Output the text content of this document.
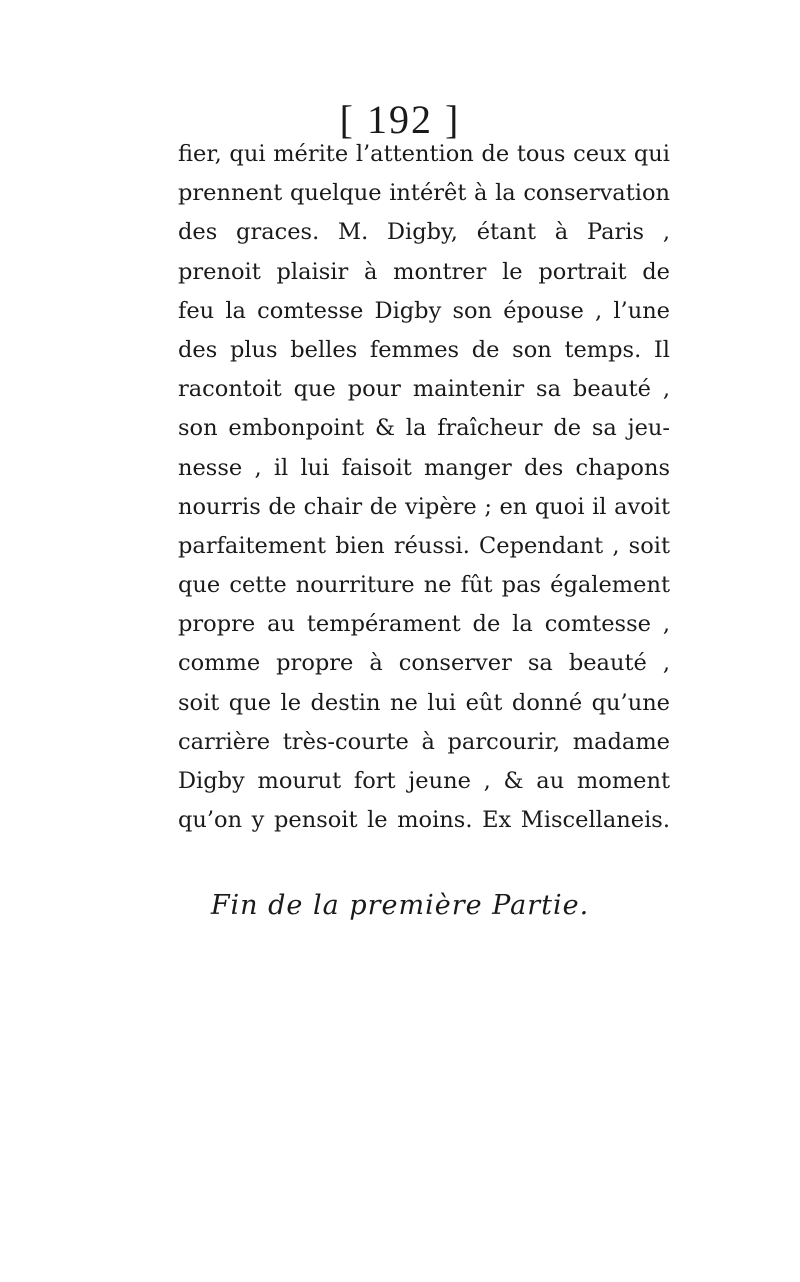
[ 192 ]
fier, qui mérite l’attention de tous ceux qui
prennent quelque intérêt à la conservation
des graces. M. Digby, étant à Paris ,
prenoit plaisir à montrer le portrait de
feu la comtesse Digby son épouse , l’une
des plus belles femmes de son temps. Il
racontoit que pour maintenir sa beauté ,
son embonpoint & la fraîcheur de sa jeu-
nesse , il lui faisoit manger des chapons
nourris de chair de vipère ; en quoi il avoit
parfaitement bien réussi. Cependant , soit
que cette nourriture ne fût pas également
propre au tempérament de la comtesse ,
comme propre à conserver sa beauté ,
soit que le destin ne lui eût donné qu’une
carrière très-courte à parcourir, madame
Digby mourut fort jeune , & au moment
qu’on y pensoit le moins. Ex Miscellaneis.
Fin de la première Partie.
